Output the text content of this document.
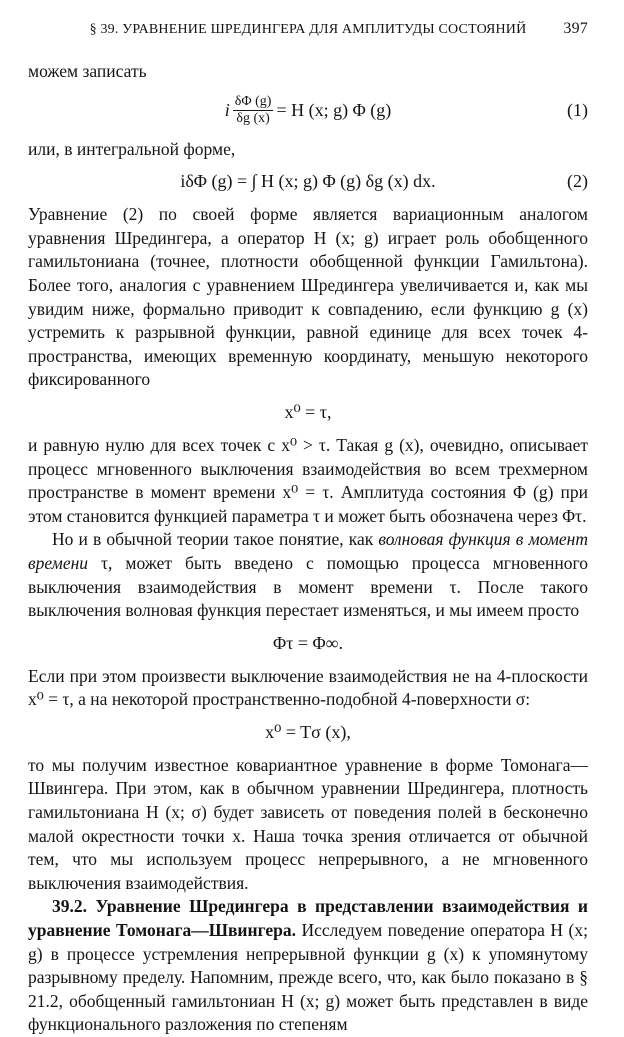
§ 39. УРАВНЕНИЕ ШРЕДИНГЕРА ДЛЯ АМПЛИТУДЫ СОСТОЯНИЙ	397

можем записать

i $\frac{\delta\Phi (g)}{\delta g (x)} = H$ (x; g) Φ (g)	(1)

или, в интегральной форме,

iδΦ (g) = ∫ H (x; g) Φ (g) δg (x) dx.	(2)

Уравнение (2) по своей форме является вариационным аналогом уравнения Шредингера, а оператор H (x; g) играет роль обобщенного гамильтониана (точнее, плотности обобщенной функции Гамильтона). Более того, аналогия с уравнением Шредингера увеличивается и, как мы увидим ниже, формально приводит к совпадению, если функцию g (x) устремить к разрывной функции, равной единице для всех точек 4-пространства, имеющих временную координату, меньшую некоторого фиксированного

x⁰ = τ,

и равную нулю для всех точек с x⁰ > τ. Такая g (x), очевидно, описывает процесс мгновенного выключения взаимодействия во всем трехмерном пространстве в момент времени x⁰ = τ. Амплитуда состояния Φ (g) при этом становится функцией параметра τ и может быть обозначена через Φτ.

Но и в обычной теории такое понятие, как волновая функция в момент времени τ, может быть введено с помощью процесса мгновенного выключения взаимодействия в момент времени τ. После такого выключения волновая функция перестает изменяться, и мы имеем просто

Φτ = Φ∞.

Если при этом произвести выключение взаимодействия не на 4-плоскости x⁰ = τ, а на некоторой пространственно-подобной 4-поверхности σ:

x⁰ = Tσ (x),

то мы получим известное ковариантное уравнение в форме Томонага—Швингера. При этом, как в обычном уравнении Шредингера, плотность гамильтониана H (x; σ) будет зависеть от поведения полей в бесконечно малой окрестности точки x. Наша точка зрения отличается от обычной тем, что мы используем процесс непрерывного, а не мгновенного выключения взаимодействия.

39.2. Уравнение Шредингера в представлении взаимодействия и уравнение Томонага—Швингера. Исследуем поведение оператора H (x; g) в процессе устремления непрерывной функции g (x) к упомянутому разрывному пределу. Напомним, прежде всего, что, как было показано в § 21.2, обобщенный гамильтониан H (x; g) может быть представлен в виде функционального разложения по степеням
